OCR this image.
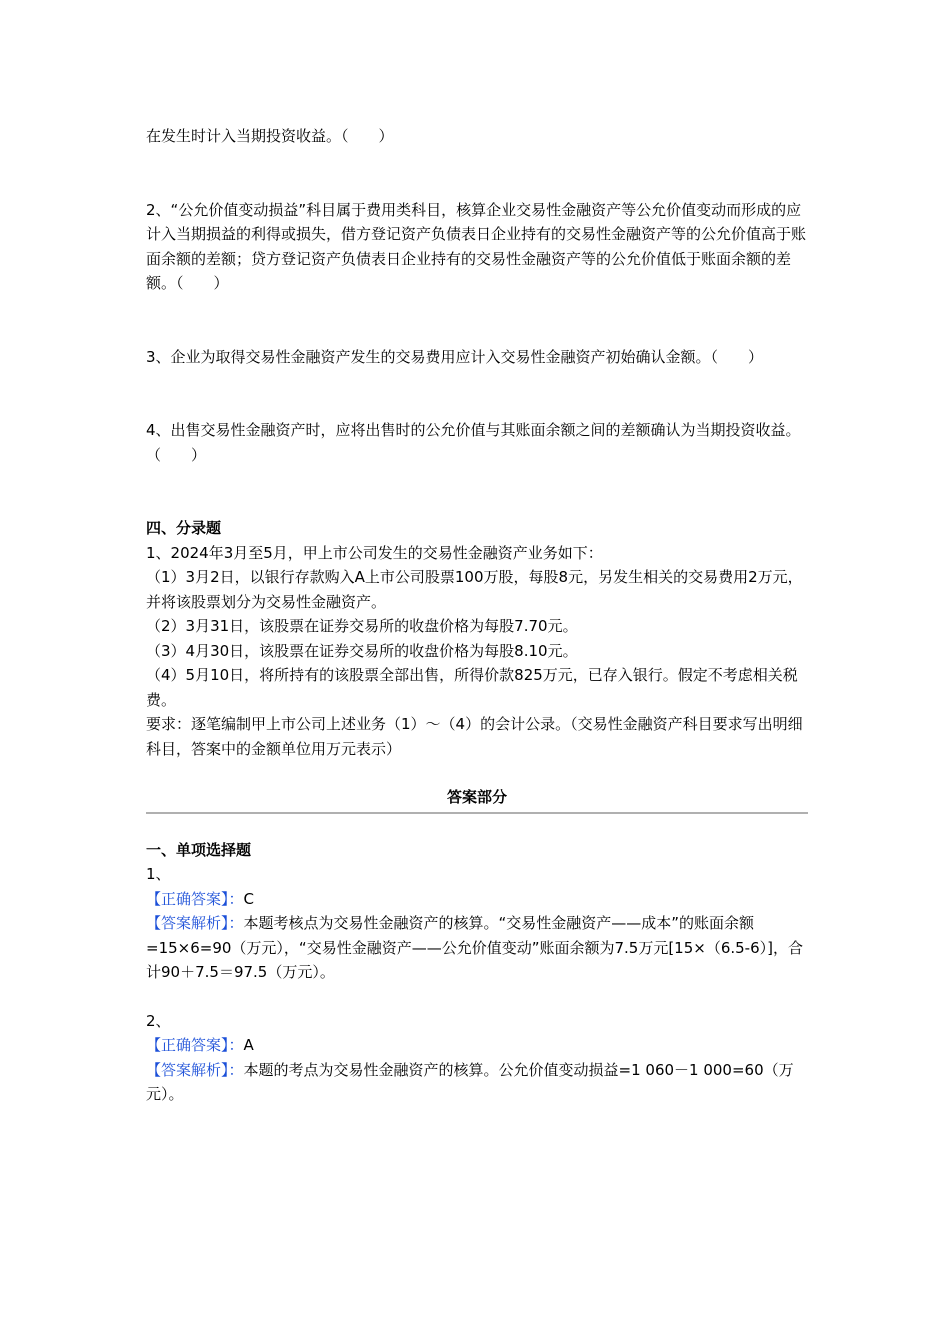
在发生时计入当期投资收益。（　　）

2、“公允价值变动损益”科目属于费用类科目，核算企业交易性金融资产等公允价值变动而形成的应计入当期损益的利得或损失，借方登记资产负债表日企业持有的交易性金融资产等的公允价值高于账面余额的差额；贷方登记资产负债表日企业持有的交易性金融资产等的公允价值低于账面余额的差额。（　　）

3、企业为取得交易性金融资产发生的交易费用应计入交易性金融资产初始确认金额。（　　）

4、出售交易性金融资产时，应将出售时的公允价值与其账面余额之间的差额确认为当期投资收益。（　　）

四、分录题

1、2024年3月至5月，甲上市公司发生的交易性金融资产业务如下：

（1）3月2日，以银行存款购入A上市公司股票100万股，每股8元，另发生相关的交易费用2万元，并将该股票划分为交易性金融资产。

（2）3月31日，该股票在证券交易所的收盘价格为每股7.70元。

（3）4月30日，该股票在证券交易所的收盘价格为每股8.10元。

（4）5月10日，将所持有的该股票全部出售，所得价款825万元，已存入银行。假定不考虑相关税费。

要求：逐笔编制甲上市公司上述业务（1）～（4）的会计公录。（交易性金融资产科目要求写出明细科目，答案中的金额单位用万元表示）

答案部分

一、单项选择题

1、

【正确答案】：C

【答案解析】：本题考核点为交易性金融资产的核算。“交易性金融资产——成本”的账面余额=15×6=90（万元），“交易性金融资产——公允价值变动”账面余额为7.5万元[15×（6.5-6）]，合计90＋7.5＝97.5（万元）。

2、

【正确答案】：A

【答案解析】：本题的考点为交易性金融资产的核算。公允价值变动损益=1 060－1 000=60（万元）。
